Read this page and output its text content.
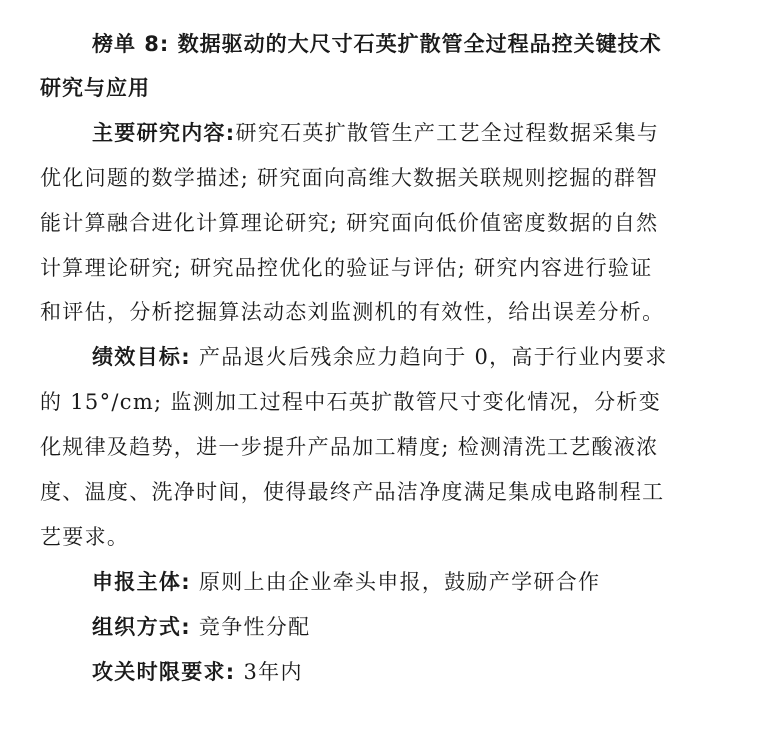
榜单 8: 数据驱动的大尺寸石英扩散管全过程品控关键技术
研究与应用
主要研究内容:研究石英扩散管生产工艺全过程数据采集与
优化问题的数学描述; 研究面向高维大数据关联规则挖掘的群智
能计算融合进化计算理论研究; 研究面向低价值密度数据的自然
计算理论研究; 研究品控优化的验证与评估; 研究内容进行验证
和评估，分析挖掘算法动态刘监测机的有效性，给出误差分析。
绩效目标: 产品退火后残余应力趋向于 0，高于行业内要求
的 15°/cm; 监测加工过程中石英扩散管尺寸变化情况，分析变
化规律及趋势，进一步提升产品加工精度; 检测清洗工艺酸液浓
度、温度、洗净时间，使得最终产品洁净度满足集成电路制程工
艺要求。
申报主体: 原则上由企业牵头申报，鼓励产学研合作
组织方式: 竞争性分配
攻关时限要求: 3年内
